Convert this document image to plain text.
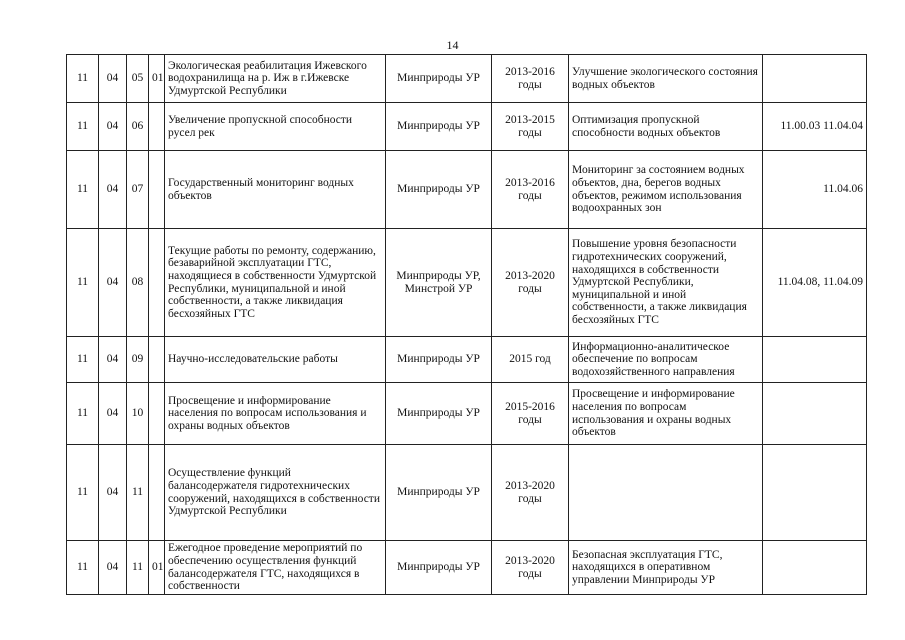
14
11	04	05	01	Экологическая реабилитация Ижевского водохранилища на р. Иж в г.Ижевске Удмуртской Республики	Минприроды УР	2013-2016 годы	Улучшение экологического состояния водных объектов	
11	04	06		Увеличение пропускной способности русел рек	Минприроды УР	2013-2015 годы	Оптимизация пропускной способности водных объектов	11.00.03 11.04.04
11	04	07		Государственный мониторинг водных объектов	Минприроды УР	2013-2016 годы	Мониторинг за состоянием водных объектов, дна, берегов водных объектов, режимом использования водоохранных зон	11.04.06
11	04	08		Текущие работы по ремонту, содержанию, безаварийной эксплуатации ГТС, находящиеся в собственности Удмуртской Республики, муниципальной и иной собственности, а также ликвидация бесхозяйных ГТС	Минприроды УР, Минстрой УР	2013-2020 годы	Повышение уровня безопасности гидротехнических сооружений, находящихся в собственности Удмуртской Республики, муниципальной и иной собственности, а также ликвидация бесхозяйных ГТС	11.04.08, 11.04.09
11	04	09		Научно-исследовательские работы	Минприроды УР	2015 год	Информационно-аналитическое обеспечение по вопросам водохозяйственного направления	
11	04	10		Просвещение и информирование населения по вопросам использования и охраны водных объектов	Минприроды УР	2015-2016 годы	Просвещение и информирование населения по вопросам использования и охраны водных объектов	
11	04	11		Осуществление функций балансодержателя гидротехнических сооружений, находящихся в собственности Удмуртской Республики	Минприроды УР	2013-2020 годы		
11	04	11	01	Ежегодное проведение мероприятий по обеспечению осуществления функций балансодержателя ГТС, находящихся в собственности	Минприроды УР	2013-2020 годы	Безопасная эксплуатация ГТС, находящихся в оперативном управлении Минприроды УР	
